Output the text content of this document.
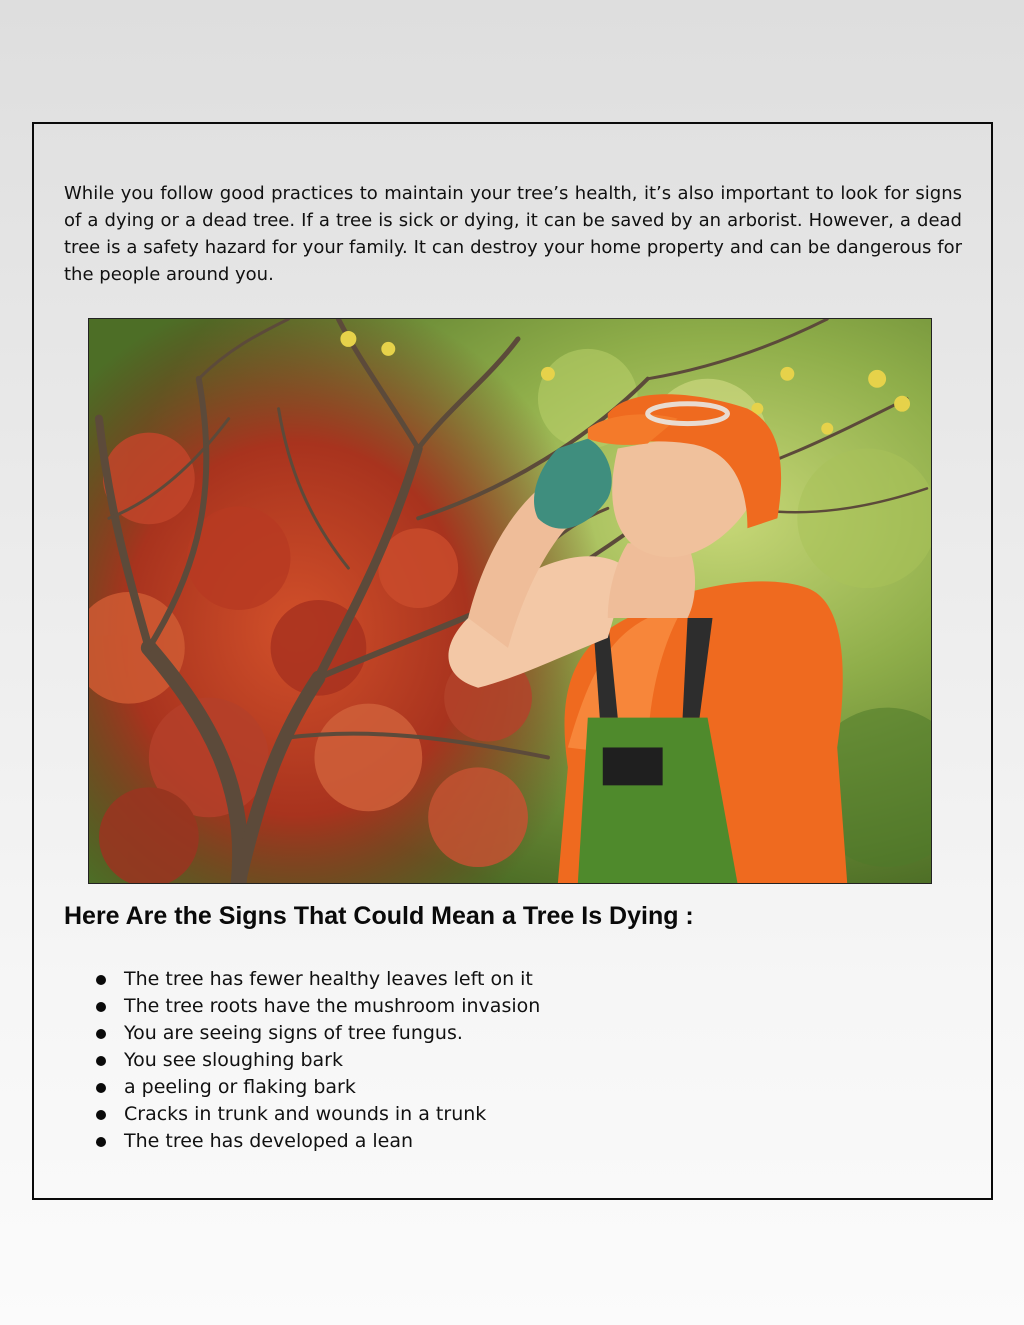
While you follow good practices to maintain your tree’s health, it’s also important to look for signs of a dying or a dead tree. If a tree is sick or dying, it can be saved by an arborist. However, a dead tree is a safety hazard for your family. It can destroy your home property and can be dangerous for the people around you.

Here Are the Signs That Could Mean a Tree Is Dying :
The tree has fewer healthy leaves left on it
The tree roots have the mushroom invasion
You are seeing signs of tree fungus.
You see sloughing bark
a peeling or flaking bark
Cracks in trunk and wounds in a trunk
The tree has developed a lean
